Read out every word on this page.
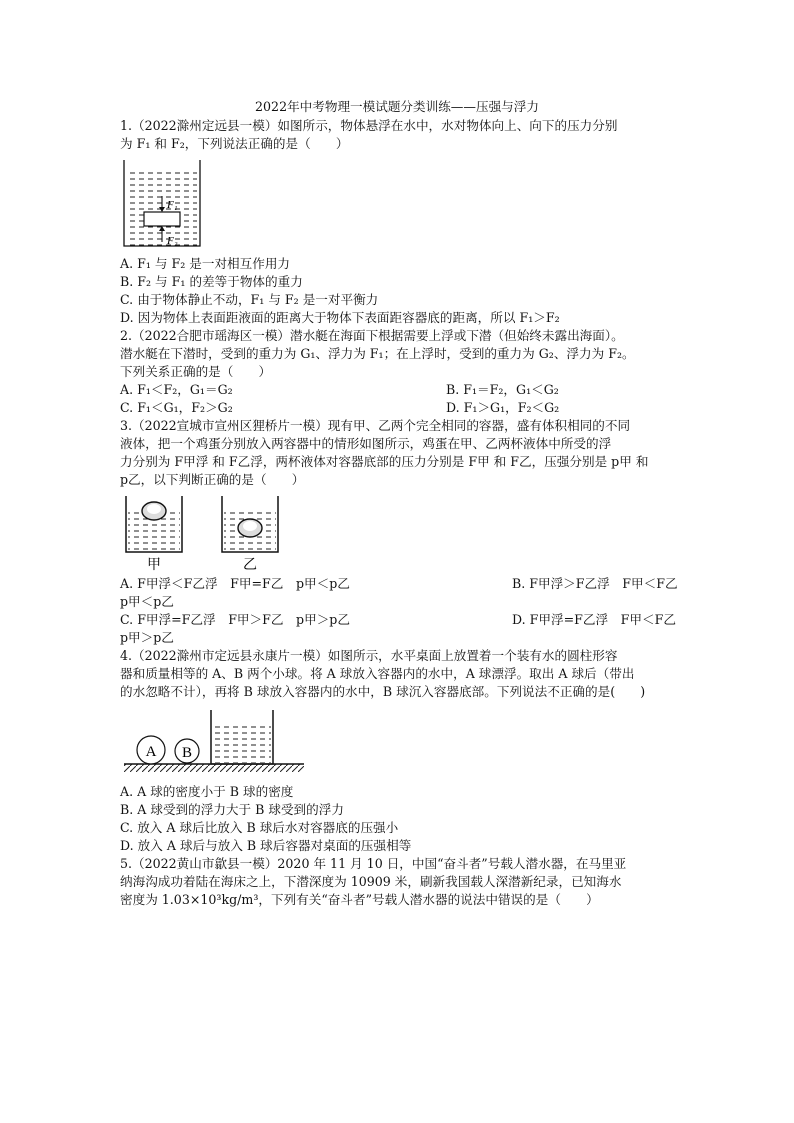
2022年中考物理一模试题分类训练——压强与浮力
1.（2022滁州定远县一模）如图所示，物体悬浮在水中，水对物体向上、向下的压力分别
为 F₁ 和 F₂，下列说法正确的是（　　）
F₁
F₂
A. F₁ 与 F₂ 是一对相互作用力
B. F₂ 与 F₁ 的差等于物体的重力
C. 由于物体静止不动，F₁ 与 F₂ 是一对平衡力
D. 因为物体上表面距液面的距离大于物体下表面距容器底的距离，所以 F₁＞F₂
2.（2022合肥市瑶海区一模）潜水艇在海面下根据需要上浮或下潜（但始终未露出海面）。
潜水艇在下潜时，受到的重力为 G₁、浮力为 F₁；在上浮时，受到的重力为 G₂、浮力为 F₂。
下列关系正确的是（　　）
A. F₁＜F₂，G₁＝G₂	B. F₁＝F₂，G₁＜G₂
C. F₁＜G₁，F₂＞G₂	D. F₁＞G₁，F₂＜G₂
3.（2022宣城市宣州区狸桥片一模）现有甲、乙两个完全相同的容器，盛有体积相同的不同
液体，把一个鸡蛋分别放入两容器中的情形如图所示，鸡蛋在甲、乙两杯液体中所受的浮
力分别为 F甲浮 和 F乙浮，两杯液体对容器底部的压力分别是 F甲 和 F乙，压强分别是 p甲 和
p乙，以下判断正确的是（　　）
甲	乙
A. F甲浮＜F乙浮　F甲=F乙　p甲＜p乙	B. F甲浮＞F乙浮　F甲＜F乙
p甲＜p乙
C. F甲浮=F乙浮　F甲＞F乙　p甲＞p乙	D. F甲浮=F乙浮　F甲＜F乙
p甲＞p乙
4.（2022滁州市定远县永康片一模）如图所示，水平桌面上放置着一个装有水的圆柱形容
器和质量相等的 A、B 两个小球。将 A 球放入容器内的水中，A 球漂浮。取出 A 球后（带出
的水忽略不计），再将 B 球放入容器内的水中，B 球沉入容器底部。下列说法不正确的是(　　)
A B
A. A 球的密度小于 B 球的密度
B. A 球受到的浮力大于 B 球受到的浮力
C. 放入 A 球后比放入 B 球后水对容器底的压强小
D. 放入 A 球后与放入 B 球后容器对桌面的压强相等
5.（2022黄山市歙县一模）2020 年 11 月 10 日，中国“奋斗者”号载人潜水器，在马里亚
纳海沟成功着陆在海床之上，下潜深度为 10909 米，刷新我国载人深潜新纪录，已知海水
密度为 1.03×10³kg/m³，下列有关“奋斗者”号载人潜水器的说法中错误的是（　　）
